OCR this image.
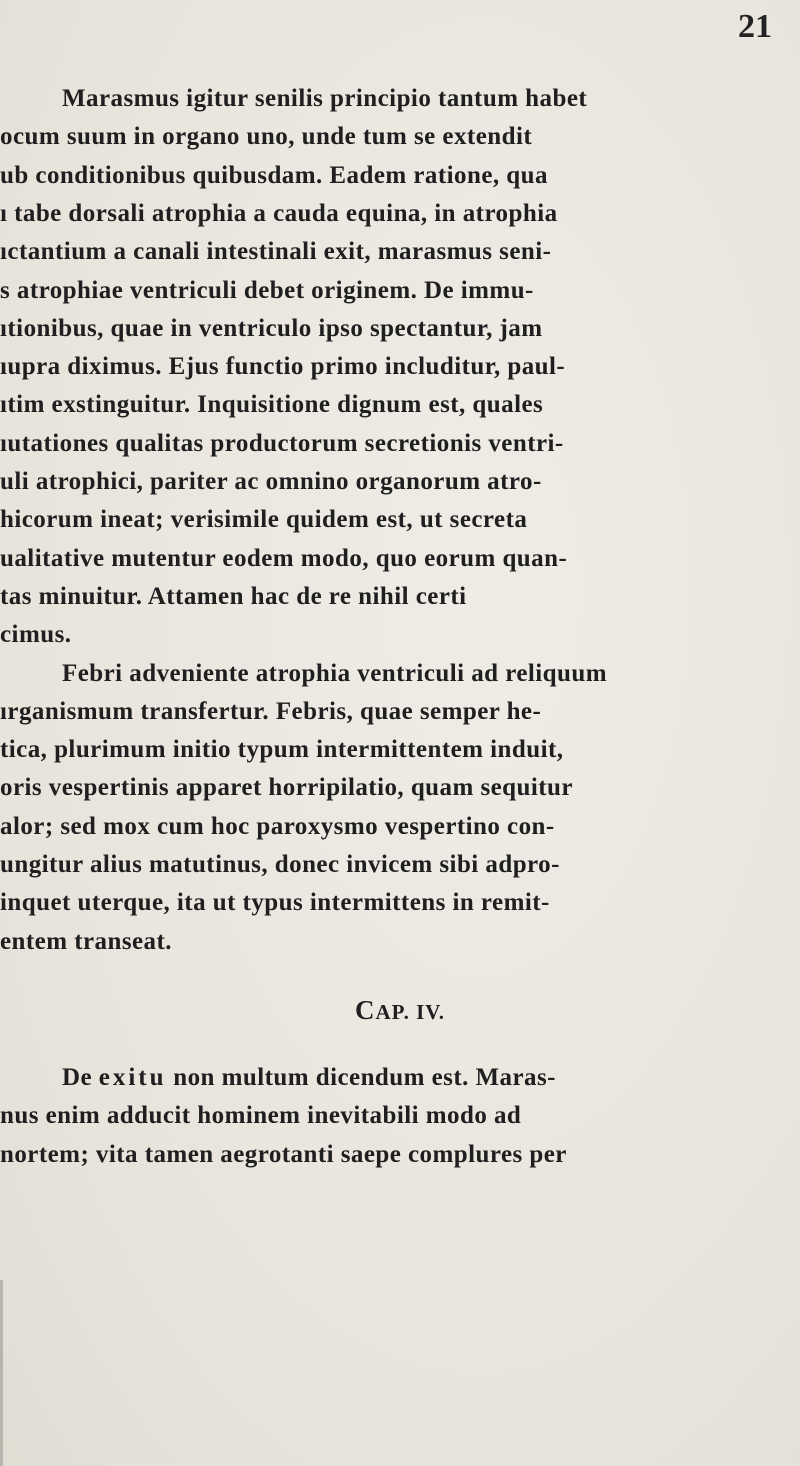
21
Marasmus igitur senilis principio tantum habet
ocum suum in organo uno, unde tum se extendit
ub conditionibus quibusdam. Eadem ratione, qua
ı tabe dorsali atrophia a cauda equina, in atrophia
ıctantium a canali intestinali exit, marasmus seni-
s atrophiae ventriculi debet originem. De immu-
ıtionibus, quae in ventriculo ipso spectantur, jam
ıupra diximus. Ejus functio primo includitur, paul-
ıtim exstinguitur. Inquisitione dignum est, quales
ıutationes qualitas productorum secretionis ventri-
uli atrophici, pariter ac omnino organorum atro-
hicorum ineat; verisimile quidem est, ut secreta
ualitative mutentur eodem modo, quo eorum quan-
tas minuitur. Attamen hac de re nihil certi
cimus.
Febri adveniente atrophia ventriculi ad reliquum
ırganismum transfertur. Febris, quae semper he-
tica, plurimum initio typum intermittentem induit,
oris vespertinis apparet horripilatio, quam sequitur
alor; sed mox cum hoc paroxysmo vespertino con-
ungitur alius matutinus, donec invicem sibi adpro-
inquet uterque, ita ut typus intermittens in remit-
entem transeat.
CAP. IV.
De exitu non multum dicendum est. Maras-
nus enim adducit hominem inevitabili modo ad
nortem; vita tamen aegrotanti saepe complures per
